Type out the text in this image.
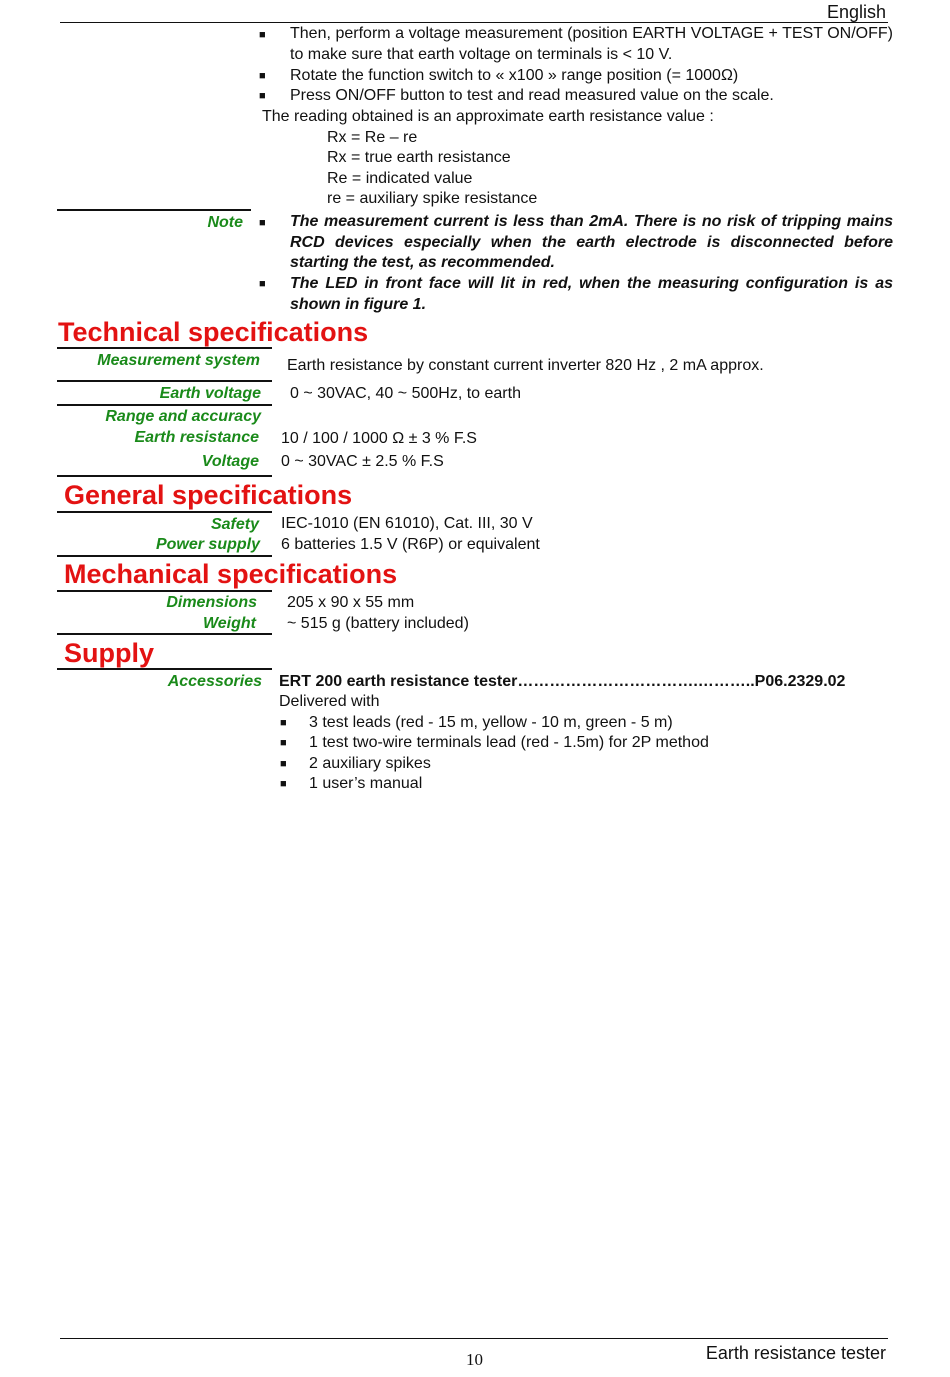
English
■ Then, perform a voltage measurement (position EARTH VOLTAGE + TEST ON/OFF) to make sure that earth voltage on terminals is < 10 V.
■ Rotate the function switch to « x100 » range position (= 1000Ω)
■ Press ON/OFF button to test and read measured value on the scale.
The reading obtained is an approximate earth resistance value :
Rx = Re – re
Rx = true earth resistance
Re = indicated value
re = auxiliary spike resistance
Note ■ The measurement current is less than 2mA. There is no risk of tripping mains RCD devices especially when the earth electrode is disconnected before starting the test, as recommended.
■ The LED in front face will lit in red, when the measuring configuration is as shown in figure 1.
Technical specifications
Measurement system Earth resistance by constant current inverter 820 Hz , 2 mA approx.
Earth voltage 0 ~ 30VAC, 40 ~ 500Hz, to earth
Range and accuracy
Earth resistance 10 / 100 / 1000 Ω ± 3 % F.S
Voltage 0 ~ 30VAC ± 2.5 % F.S
General specifications
Safety IEC-1010 (EN 61010), Cat. III, 30 V
Power supply 6 batteries 1.5 V (R6P) or equivalent
Mechanical specifications
Dimensions 205 x 90 x 55 mm
Weight ~ 515 g (battery included)
Supply
Accessories ERT 200 earth resistance tester…………………………….………..P06.2329.02
Delivered with
■ 3 test leads (red - 15 m, yellow - 10 m, green - 5 m)
■ 1 test two-wire terminals lead (red - 1.5m) for 2P method
■ 2 auxiliary spikes
■ 1 user’s manual
10	Earth resistance tester
